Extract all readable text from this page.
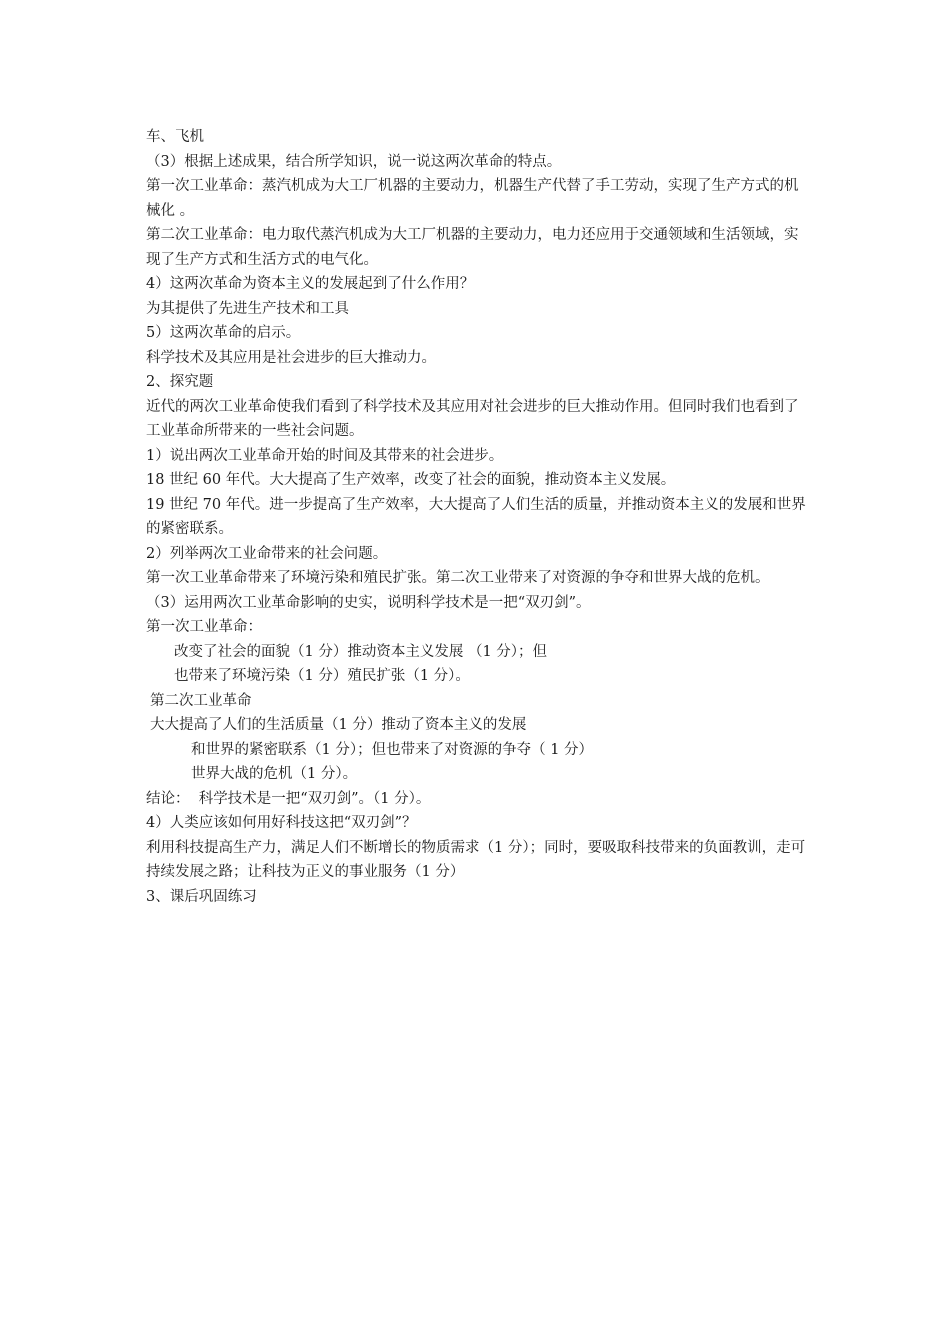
车、飞机
（3）根据上述成果，结合所学知识，说一说这两次革命的特点。
第一次工业革命：蒸汽机成为大工厂机器的主要动力，机器生产代替了手工劳动，实现了生产方式的机械化 。
第二次工业革命：电力取代蒸汽机成为大工厂机器的主要动力，电力还应用于交通领域和生活领域，实现了生产方式和生活方式的电气化。
4）这两次革命为资本主义的发展起到了什么作用？
为其提供了先进生产技术和工具
5）这两次革命的启示。
科学技术及其应用是社会进步的巨大推动力。
2、探究题
近代的两次工业革命使我们看到了科学技术及其应用对社会进步的巨大推动作用。但同时我们也看到了工业革命所带来的一些社会问题。
1）说出两次工业革命开始的时间及其带来的社会进步。
18 世纪 60 年代。大大提高了生产效率，改变了社会的面貌，推动资本主义发展。
19 世纪 70 年代。进一步提高了生产效率，大大提高了人们生活的质量，并推动资本主义的发展和世界的紧密联系。
2）列举两次工业命带来的社会问题。
第一次工业革命带来了环境污染和殖民扩张。第二次工业带来了对资源的争夺和世界大战的危机。
（3）运用两次工业革命影响的史实，说明科学技术是一把“双刃剑”。
第一次工业革命：
改变了社会的面貌（1 分）推动资本主义发展 （1 分）；但
也带来了环境污染（1 分）殖民扩张（1 分）。
第二次工业革命
大大提高了人们的生活质量（1 分）推动了资本主义的发展
和世界的紧密联系（1 分）；但也带来了对资源的争夺（ 1 分）
世界大战的危机（1 分）。
结论：  科学技术是一把“双刃剑”。（1 分）。
4）人类应该如何用好科技这把“双刃剑”？
利用科技提高生产力，满足人们不断增长的物质需求（1 分）；同时，要吸取科技带来的负面教训，走可持续发展之路；让科技为正义的事业服务（1 分）
3、课后巩固练习
